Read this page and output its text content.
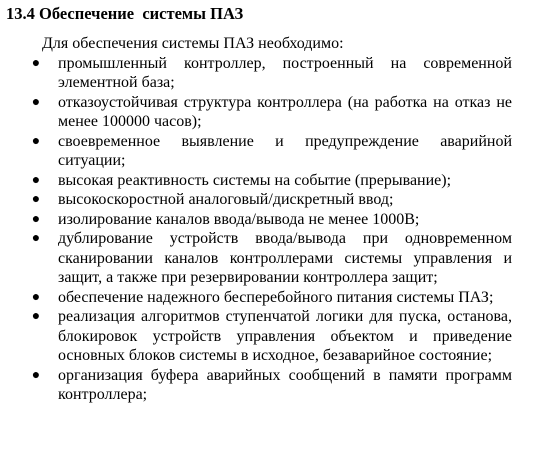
13.4 Обеспечение  системы ПАЗ
Для обеспечения системы ПАЗ необходимо:
● промышленный контроллер, построенный на современной элементной база;
● отказоустойчивая структура контроллера (на работка на отказ не менее 100000 часов);
● своевременное выявление и предупреждение аварийной ситуации;
● высокая реактивность системы на событие (прерывание);
● высокоскоростной аналоговый/дискретный ввод;
● изолирование каналов ввода/вывода не менее 1000В;
● дублирование устройств ввода/вывода при одновременном сканировании каналов контроллерами системы управления и защит, а также при резервировании контроллера защит;
● обеспечение надежного бесперебойного питания системы ПАЗ;
● реализация алгоритмов ступенчатой логики для пуска, останова, блокировок устройств управления объектом и приведение основных блоков системы в исходное, безаварийное состояние;
● организация буфера аварийных сообщений в памяти программ контроллера;
